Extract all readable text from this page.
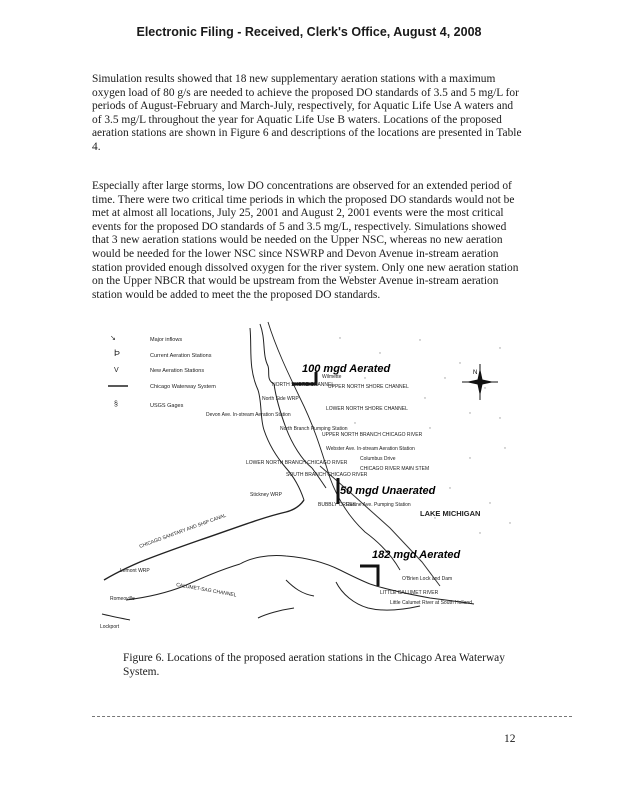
Electronic Filing - Received, Clerk's Office, August 4, 2008

Simulation results showed that 18 new supplementary aeration stations with a maximum oxygen load of 80 g/s are needed to achieve the proposed DO standards of 3.5 and 5 mg/L for periods of August-February and March-July, respectively, for Aquatic Life Use A waters and of 3.5 mg/L throughout the year for Aquatic Life Use B waters. Locations of the proposed aeration stations are shown in Figure 6 and descriptions of the locations are presented in Table 4.

Especially after large storms, low DO concentrations are observed for an extended period of time. There were two critical time periods in which the proposed DO standards would not be met at almost all locations, July 25, 2001 and August 2, 2001 events were the most critical events for the proposed DO standards of 5 and 3.5 mg/L, respectively. Simulations showed that 3 new aeration stations would be needed on the Upper NSC, whereas no new aeration would be needed for the lower NSC since NSWRP and Devon Avenue in-stream aeration station provided enough dissolved oxygen for the river system. Only one new aeration station on the Upper NBCR that would be upstream from the Webster Avenue in-stream aeration station would be added to meet the the proposed DO standards.

N
↘	Major inflows
Þ	Current Aeration Stations
V	New Aeration Stations
Chicago Waterway System
§	USGS Gages
100 mgd Aerated
50 mgd Unaerated
182 mgd Aerated
Wilmette
UPPER NORTH SHORE CHANNEL
NORTH SHORE CHANNEL
LOWER NORTH SHORE CHANNEL
North Side WRP
Devon Ave. In-stream Aeration Station
North Branch Pumping Station
UPPER NORTH BRANCH CHICAGO RIVER
Webster Ave. In-stream Aeration Station
LOWER NORTH BRANCH CHICAGO RIVER
Columbus Drive
CHICAGO RIVER MAIN STEM
SOUTH BRANCH CHICAGO RIVER
Racine Ave. Pumping Station
BUBBLY CREEK
Stickney WRP
LAKE MICHIGAN
CHICAGO SANITARY AND SHIP CANAL
Lemont WRP
Romeoville
CALUMET-SAG CHANNEL
O'Brien Lock and Dam
LITTLE CALUMET RIVER
Little Calumet River at South Holland
Lockport
Figure 6. Locations of the proposed aeration stations in the Chicago Area Waterway System.
12
